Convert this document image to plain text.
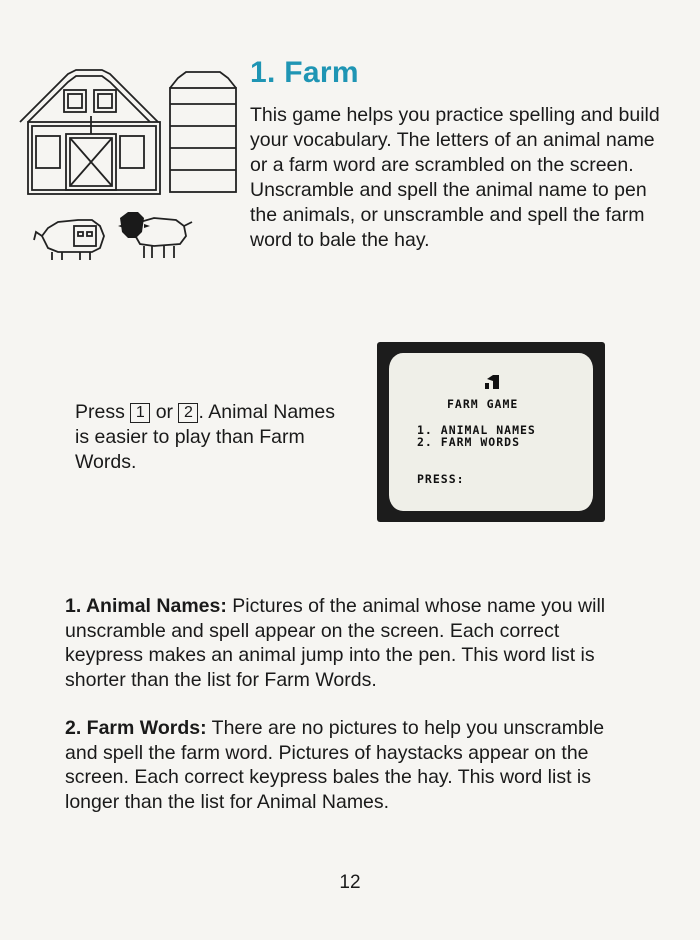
1. Farm

This game helps you practice spelling and build your vocabulary. The letters of an animal name or a farm word are scrambled on the screen. Unscramble and spell the animal name to pen the animals, or unscramble and spell the farm word to bale the hay.

Press 1 or 2 . Animal Names is easier to play than Farm Words.

FARM GAME
1. ANIMAL NAMES
2. FARM WORDS
PRESS:

1. Animal Names: Pictures of the animal whose name you will unscramble and spell appear on the screen. Each correct keypress makes an animal jump into the pen. This word list is shorter than the list for Farm Words.

2. Farm Words: There are no pictures to help you unscramble and spell the farm word. Pictures of haystacks appear on the screen. Each correct keypress bales the hay. This word list is longer than the list for Animal Names.

12
